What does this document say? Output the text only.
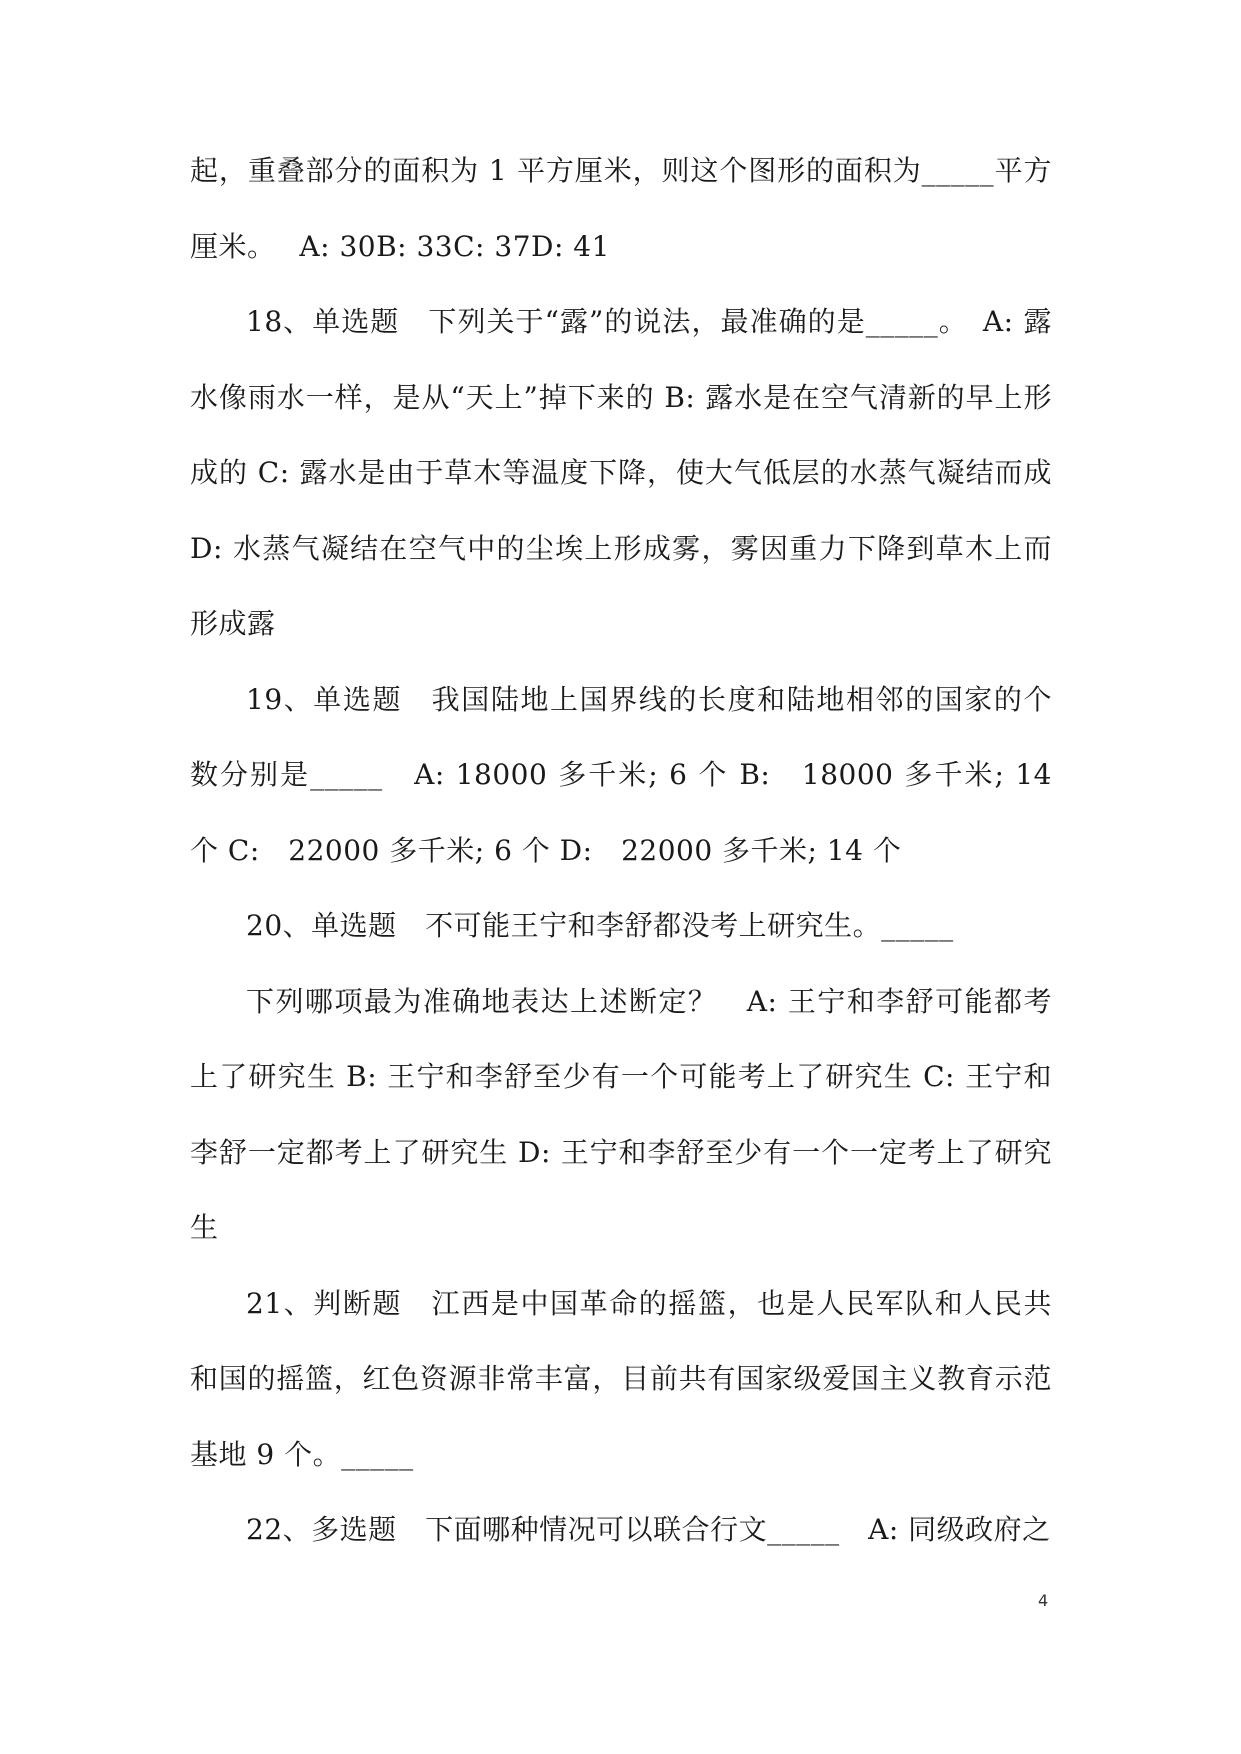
起，重叠部分的面积为 1 平方厘米，则这个图形的面积为_____平方厘米。　 A: 30B: 33C: 37D: 41

18、单选题　下列关于“露”的说法，最准确的是_____。　A: 露水像雨水一样，是从“天上”掉下来的 B: 露水是在空气清新的早上形成的 C: 露水是由于草木等温度下降，使大气低层的水蒸气凝结而成 D: 水蒸气凝结在空气中的尘埃上形成雾，雾因重力下降到草木上而形成露

19、单选题　我国陆地上国界线的长度和陆地相邻的国家的个数分别是_____　A: 18000 多千米; 6 个 B:　18000 多千米; 14 个 C:　22000 多千米; 6 个 D:　22000 多千米; 14 个

20、单选题　不可能王宁和李舒都没考上研究生。_____

下列哪项最为准确地表达上述断定？　A: 王宁和李舒可能都考上了研究生 B: 王宁和李舒至少有一个可能考上了研究生 C: 王宁和李舒一定都考上了研究生 D: 王宁和李舒至少有一个一定考上了研究生

21、判断题　江西是中国革命的摇篮，也是人民军队和人民共和国的摇篮，红色资源非常丰富，目前共有国家级爱国主义教育示范基地 9 个。_____

22、多选题　下面哪种情况可以联合行文_____　A: 同级政府之

4
